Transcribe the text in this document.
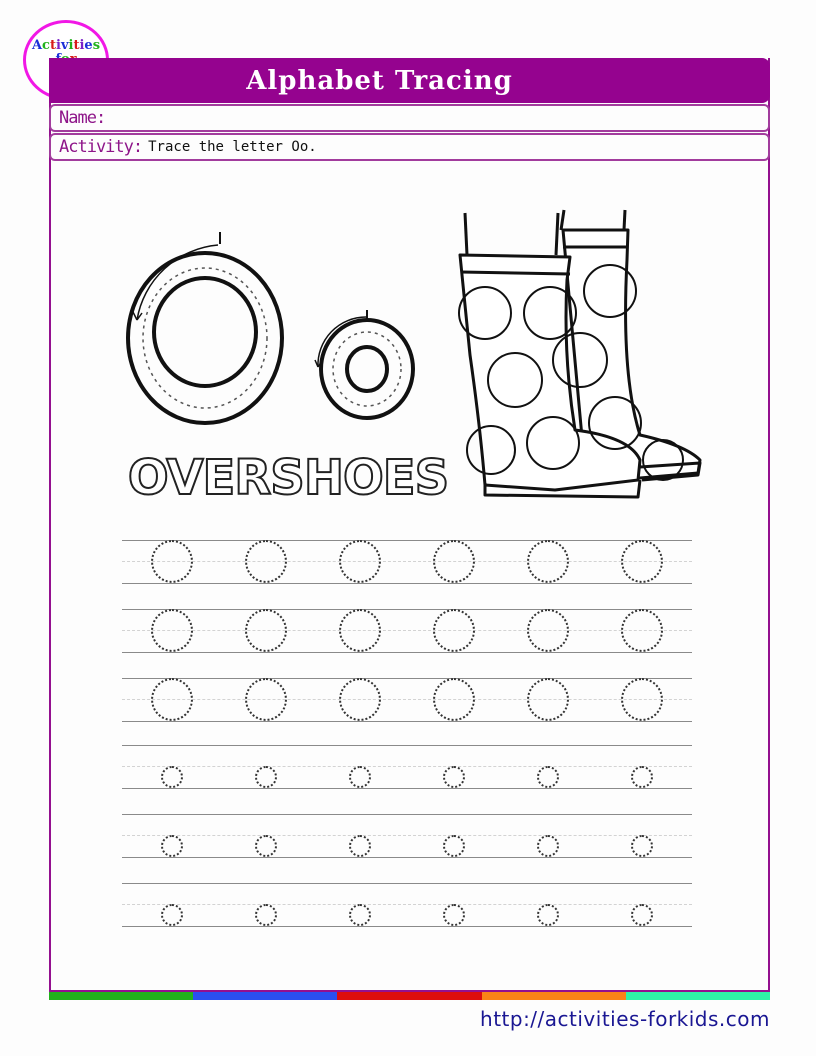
Activities
Alphabet Tracing
Name:
Activity: Trace the letter Oo.
OVERSHOES
http://activities-forkids.com
